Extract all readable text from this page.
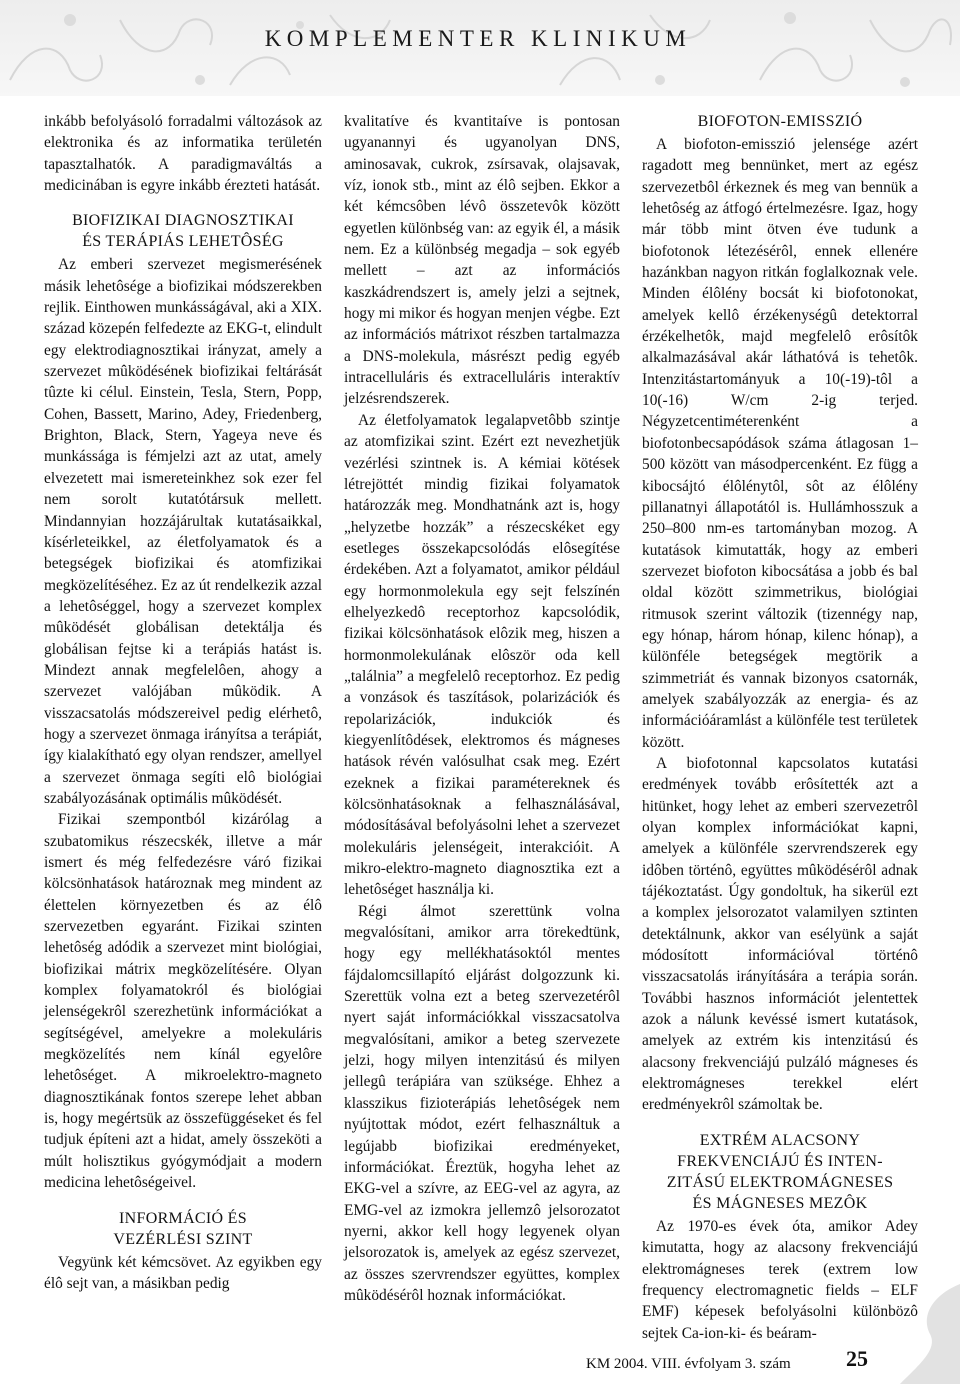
KOMPLEMENTER KLINIKUM

inkább befolyásoló forradalmi változások az elektronika és az informatika területén tapasztalhatók. A paradigmaváltás a medicinában is egyre inkább érezteti hatását.

BIOFIZIKAI DIAGNOSZTIKAI
ÉS TERÁPIÁS LEHETÔSÉG

Az emberi szervezet megismerésének másik lehetôsége a biofizikai módszerekben rejlik. Einthowen munkásságával, aki a XIX. század közepén felfedezte az EKG-t, elindult egy elektrodiagnosztikai irányzat, amely a szervezet mûködésének biofizikai feltárását tûzte ki célul. Einstein, Tesla, Stern, Popp, Cohen, Bassett, Marino, Adey, Friedenberg, Brighton, Black, Stern, Yageya neve és munkássága is fémjelzi azt az utat, amely elvezetett mai ismereteinkhez sok ezer fel nem sorolt kutatótársuk mellett. Mindannyian hozzájárultak kutatásaikkal, kísérleteikkel, az életfolyamatok és a betegségek biofizikai és atomfizikai megközelítéséhez. Ez az út rendelkezik azzal a lehetôséggel, hogy a szervezet komplex mûködését globálisan detektálja és globálisan fejtse ki a terápiás hatást is. Mindezt annak megfelelôen, ahogy a szervezet valójában mûködik. A visszacsatolás módszereivel pedig elérhetô, hogy a szervezet önmaga irányítsa a terápiát, így kialakítható egy olyan rendszer, amellyel a szervezet önmaga segíti elô biológiai szabályozásának optimális mûködését.

Fizikai szempontból kizárólag a szubatomikus részecskék, illetve a már ismert és még felfedezésre váró fizikai kölcsönhatások határoznak meg mindent az élettelen környezetben és az élô szervezetben egyaránt. Fizikai szinten lehetôség adódik a szervezet mint biológiai, biofizikai mátrix megközelítésére. Olyan komplex folyamatokról és biológiai jelenségekrôl szerezhetünk információkat a segítségével, amelyekre a molekuláris megközelítés nem kínál egyelôre lehetôséget. A mikroelektro-magneto diagnosztikának fontos szerepe lehet abban is, hogy megértsük az összefüggéseket és fel tudjuk építeni azt a hidat, amely összeköti a múlt holisztikus gyógymódjait a modern medicina lehetôségeivel.

INFORMÁCIÓ ÉS
VEZÉRLÉSI SZINT

Vegyünk két kémcsövet. Az egyikben egy élô sejt van, a másikban pedig

kvalitatíve és kvantitaíve is pontosan ugyanannyi és ugyanolyan DNS, aminosavak, cukrok, zsírsavak, olajsavak, víz, ionok stb., mint az élô sejben. Ekkor a két kémcsôben lévô összetevôk között egyetlen különbség van: az egyik él, a másik nem. Ez a különbség megadja – sok egyéb mellett – azt az információs kaszkádrendszert is, amely jelzi a sejtnek, hogy mi mikor és hogyan menjen végbe. Ezt az információs mátrixot részben tartalmazza a DNS-molekula, másrészt pedig egyéb intracelluláris és extracelluláris interaktív jelzésrendszerek.

Az életfolyamatok legalapvetôbb szintje az atomfizikai szint. Ezért ezt nevezhetjük vezérlési szintnek is. A kémiai kötések létrejöttét mindig fizikai folyamatok határozzák meg. Mondhatnánk azt is, hogy „helyzetbe hozzák” a részecskéket egy esetleges összekapcsolódás elôsegítése érdekében. Azt a folyamatot, amikor például egy hormonmolekula egy sejt felszínén elhelyezkedô receptorhoz kapcsolódik, fizikai kölcsönhatások elôzik meg, hiszen a hormonmolekulának elôször oda kell „találnia” a megfelelô receptorhoz. Ez pedig a vonzások és taszítások, polarizációk és repolarizációk, indukciók és kiegyenlítôdések, elektromos és mágneses hatások révén valósulhat csak meg. Ezért ezeknek a fizikai paramétereknek és kölcsönhatásoknak a felhasználásával, módosításával befolyásolni lehet a szervezet molekuláris jelenségeit, interakcióit. A mikro-elektro-magneto diagnosztika ezt a lehetôséget használja ki.

Régi álmot szerettünk volna megvalósítani, amikor arra törekedtünk, hogy egy mellékhatásoktól mentes fájdalomcsillapító eljárást dolgozzunk ki. Szerettük volna ezt a beteg szervezetérôl nyert saját információkkal visszacsatolva megvalósítani, amikor a beteg szervezete jelzi, hogy milyen intenzitású és milyen jellegû terápiára van szüksége. Ehhez a klasszikus fizioterápiás lehetôségek nem nyújtottak módot, ezért felhasználtuk a legújabb biofizikai eredményeket, információkat. Éreztük, hogyha lehet az EKG-vel a szívre, az EEG-vel az agyra, az EMG-vel az izmokra jellemzô jelsorozatot nyerni, akkor kell hogy legyenek olyan jelsorozatok is, amelyek az egész szervezet, az összes szervrendszer együttes, komplex mûködésérôl hoznak információkat.

BIOFOTON-EMISSZIÓ

A biofoton-emisszió jelensége azért ragadott meg bennünket, mert az egész szervezetbôl érkeznek és meg van bennük a lehetôség az átfogó értelmezésre. Igaz, hogy már több mint ötven éve tudunk a biofotonok létezésérôl, ennek ellenére hazánkban nagyon ritkán foglalkoznak vele. Minden élôlény bocsát ki biofotonokat, amelyek kellô érzékenységû detektorral érzékelhetôk, majd megfelelô erôsítôk alkalmazásával akár láthatóvá is tehetôk. Intenzitástartományuk a 10(-19)-tôl a 10(-16) W/cm 2-ig terjed. Négyzetcentiméterenként a biofotonbecsapódások száma átlagosan 1–500 között van másodpercenként. Ez függ a kibocsájtó élôlénytôl, sôt az élôlény pillanatnyi állapotától is. Hullámhosszuk a 250–800 nm-es tartományban mozog. A kutatások kimutatták, hogy az emberi szervezet biofoton kibocsátása a jobb és bal oldal között szimmetrikus, biológiai ritmusok szerint változik (tizennégy nap, egy hónap, három hónap, kilenc hónap), a különféle betegségek megtörik a szimmetriát és vannak bizonyos csatornák, amelyek szabályozzák az energia- és az információáramlást a különféle test területek között.

A biofotonnal kapcsolatos kutatási eredmények tovább erôsítették azt a hitünket, hogy lehet az emberi szervezetrôl olyan komplex információkat kapni, amelyek a különféle szervrendszerek egy idôben történô, együttes mûködésérôl adnak tájékoztatást. Úgy gondoltuk, ha sikerül ezt a komplex jelsorozatot valamilyen sztinten detektálnunk, akkor van esélyünk a saját módosított információval történô visszacsatolás irányítására a terápia során. További hasznos információt jelentettek azok a nálunk kevéssé ismert kutatások, amelyek az extrém kis intenzitású és alacsony frekvenciájú pulzáló mágneses és elektromágneses terekkel elért eredményekrôl számoltak be.

EXTRÉM ALACSONY
FREKVENCIÁJÚ ÉS INTEN-
ZITÁSÚ ELEKTROMÁGNESES
ÉS MÁGNESES MEZÔK

Az 1970-es évek óta, amikor Adey kimutatta, hogy az alacsony frekvenciájú elektromágneses terek (extrem low frequency electromagnetic fields – ELF EMF) képesek befolyásolni különbözô sejtek Ca-ion-ki- és beáram-

KM 2004. VIII. évfolyam 3. szám	25
